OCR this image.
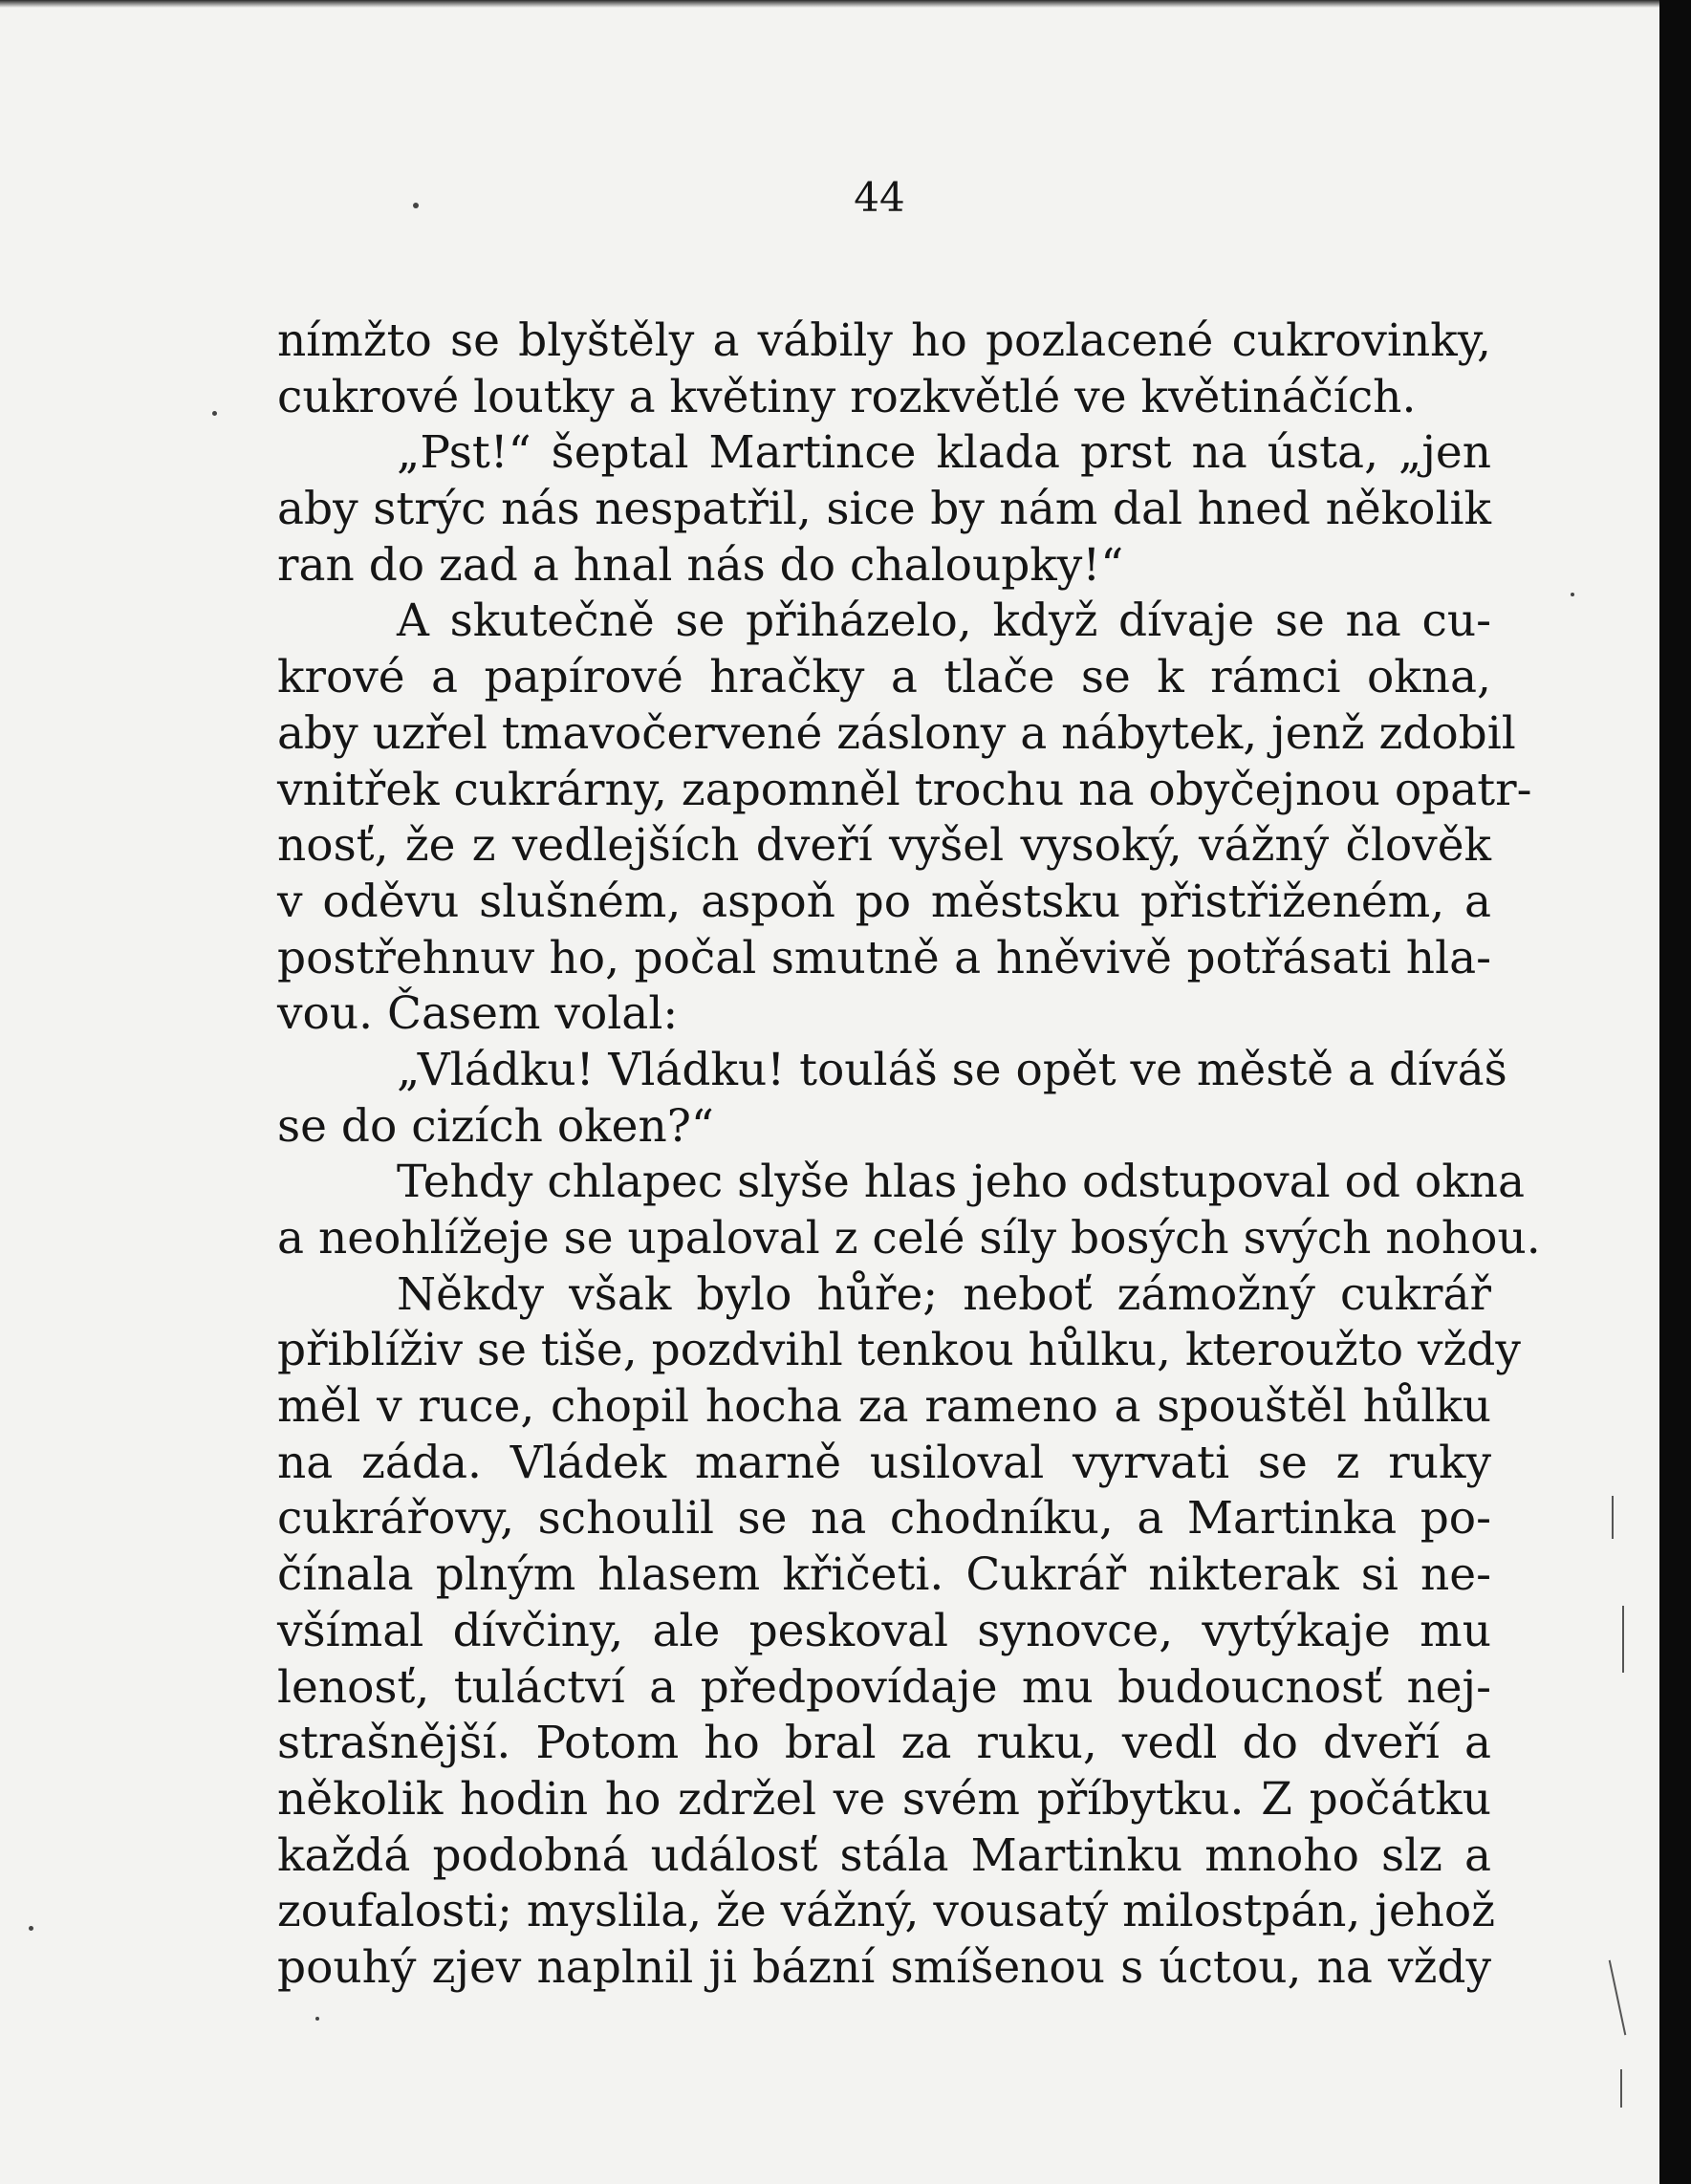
44
nímžto se blyštěly a vábily ho pozlacené cukrovinky,
cukrové loutky a květiny rozkvětlé ve květináčích.
„Pst!“ šeptal Martince klada prst na ústa, „jen
aby strýc nás nespatřil, sice by nám dal hned několik
ran do zad a hnal nás do chaloupky!“
A skutečně se přiházelo, když dívaje se na cu-
krové a papírové hračky a tlače se k rámci okna,
aby uzřel tmavočervené záslony a nábytek, jenž zdobil
vnitřek cukrárny, zapomněl trochu na obyčejnou opatr-
nosť, že z vedlejších dveří vyšel vysoký, vážný člověk
v oděvu slušném, aspoň po městsku přistřiženém, a
postřehnuv ho, počal smutně a hněvivě potřásati hla-
vou. Časem volal:
„Vládku! Vládku! touláš se opět ve městě a díváš
se do cizích oken?“
Tehdy chlapec slyše hlas jeho odstupoval od okna
a neohlížeje se upaloval z celé síly bosých svých nohou.
Někdy však bylo hůře; neboť zámožný cukrář
přiblíživ se tiše, pozdvihl tenkou hůlku, kteroužto vždy
měl v ruce, chopil hocha za rameno a spouštěl hůlku
na záda. Vládek marně usiloval vyrvati se z ruky
cukrářovy, schoulil se na chodníku, a Martinka po-
čínala plným hlasem křičeti. Cukrář nikterak si ne-
všímal dívčiny, ale peskoval synovce, vytýkaje mu
lenosť, tuláctví a předpovídaje mu budoucnosť nej-
strašnější. Potom ho bral za ruku, vedl do dveří a
několik hodin ho zdržel ve svém příbytku. Z počátku
každá podobná událosť stála Martinku mnoho slz a
zoufalosti; myslila, že vážný, vousatý milostpán, jehož
pouhý zjev naplnil ji bázní smíšenou s úctou, na vždy
